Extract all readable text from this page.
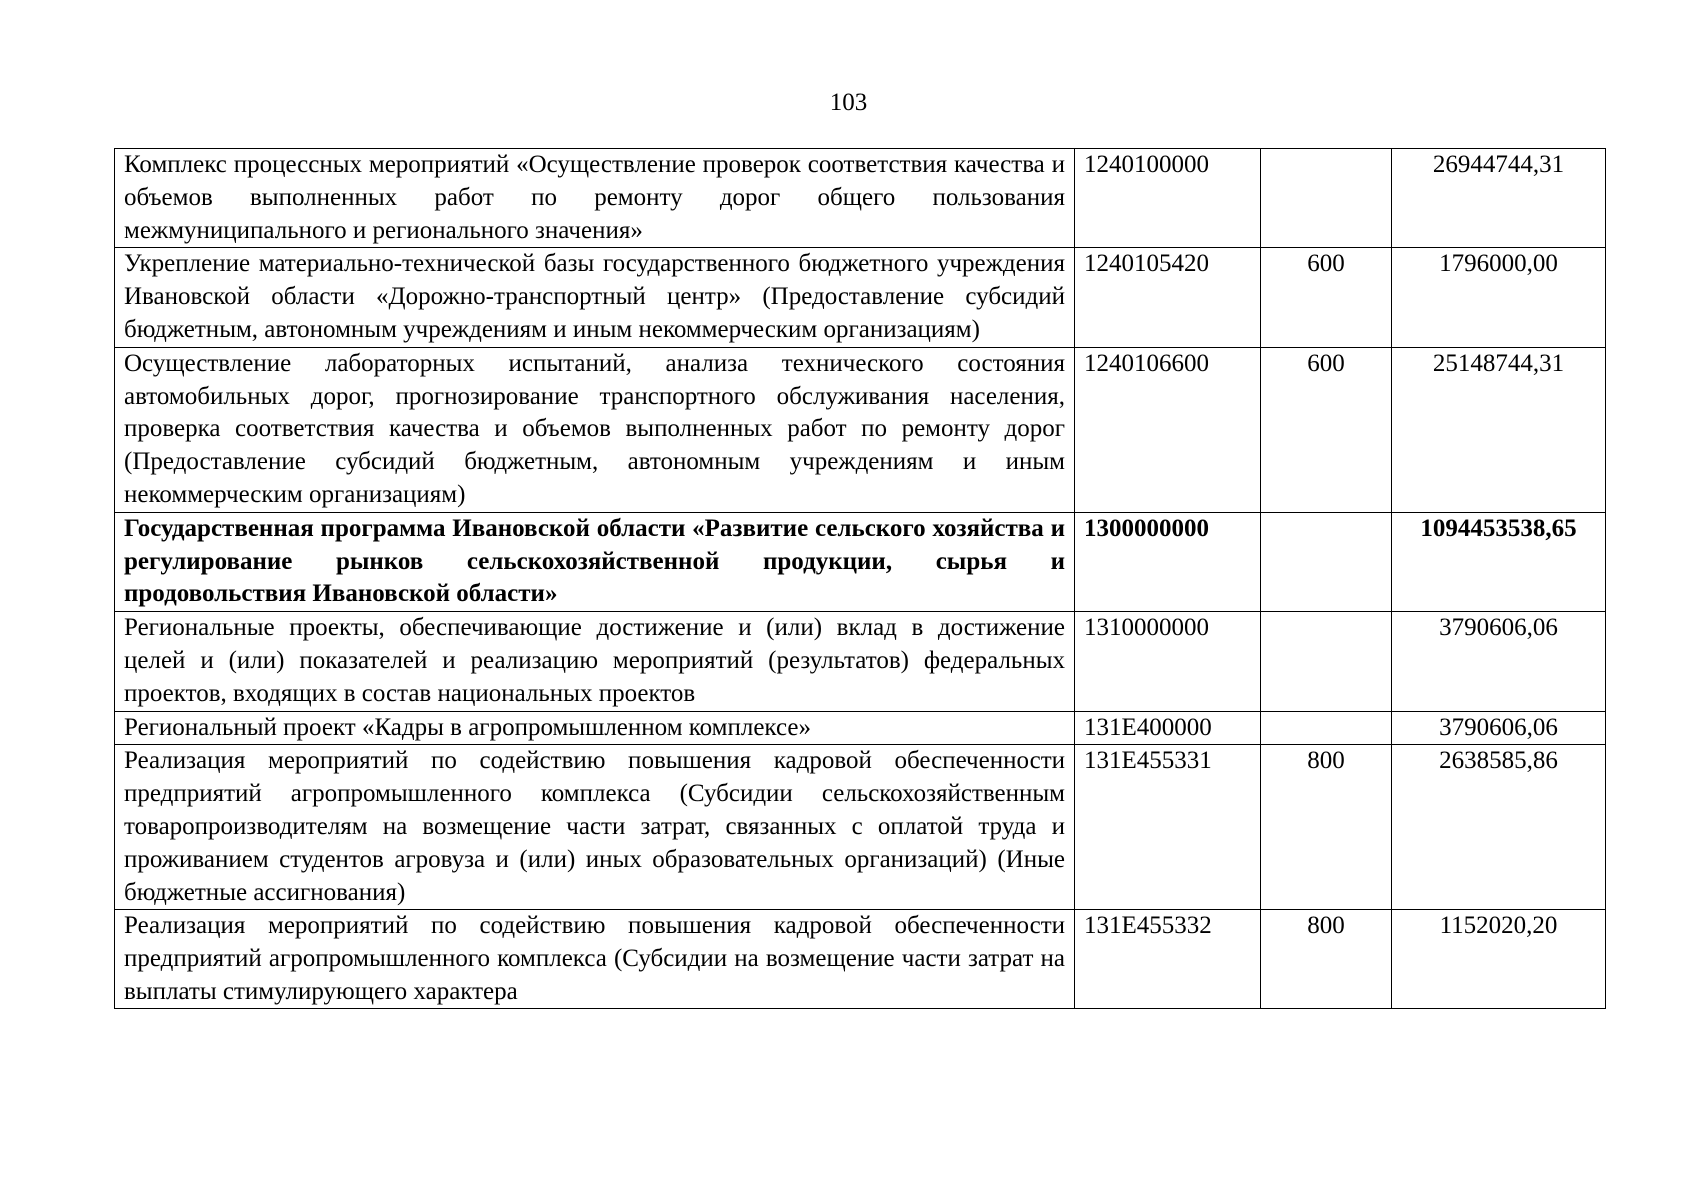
103
Комплекс процессных мероприятий «Осуществление проверок соответствия качества и объемов выполненных работ по ремонту дорог общего пользования межмуниципального и регионального значения»	1240100000		26944744,31
Укрепление материально-технической базы государственного бюджетного учреждения Ивановской области «Дорожно-транспортный центр» (Предоставление субсидий бюджетным, автономным учреждениям и иным некоммерческим организациям)	1240105420	600	1796000,00
Осуществление лабораторных испытаний, анализа технического состояния автомобильных дорог, прогнозирование транспортного обслуживания населения, проверка соответствия качества и объемов выполненных работ по ремонту дорог (Предоставление субсидий бюджетным, автономным учреждениям и иным некоммерческим организациям)	1240106600	600	25148744,31
Государственная программа Ивановской области «Развитие сельского хозяйства и регулирование рынков сельскохозяйственной продукции, сырья и продовольствия Ивановской области»	1300000000		1094453538,65
Региональные проекты, обеспечивающие достижение и (или) вклад в достижение целей и (или) показателей и реализацию мероприятий (результатов) федеральных проектов, входящих в состав национальных проектов	1310000000		3790606,06
Региональный проект «Кадры в агропромышленном комплексе»	131E400000		3790606,06
Реализация мероприятий по содействию повышения кадровой обеспеченности предприятий агропромышленного комплекса (Субсидии сельскохозяйственным товаропроизводителям на возмещение части затрат, связанных с оплатой труда и проживанием студентов агровуза и (или) иных образовательных организаций) (Иные бюджетные ассигнования)	131E455331	800	2638585,86

Реализация мероприятий по содействию повышения кадровой обеспеченности предприятий агропромышленного комплекса (Субсидии на возмещение части затрат на выплаты стимулирующего характера	131E455332	800	1152020,20
